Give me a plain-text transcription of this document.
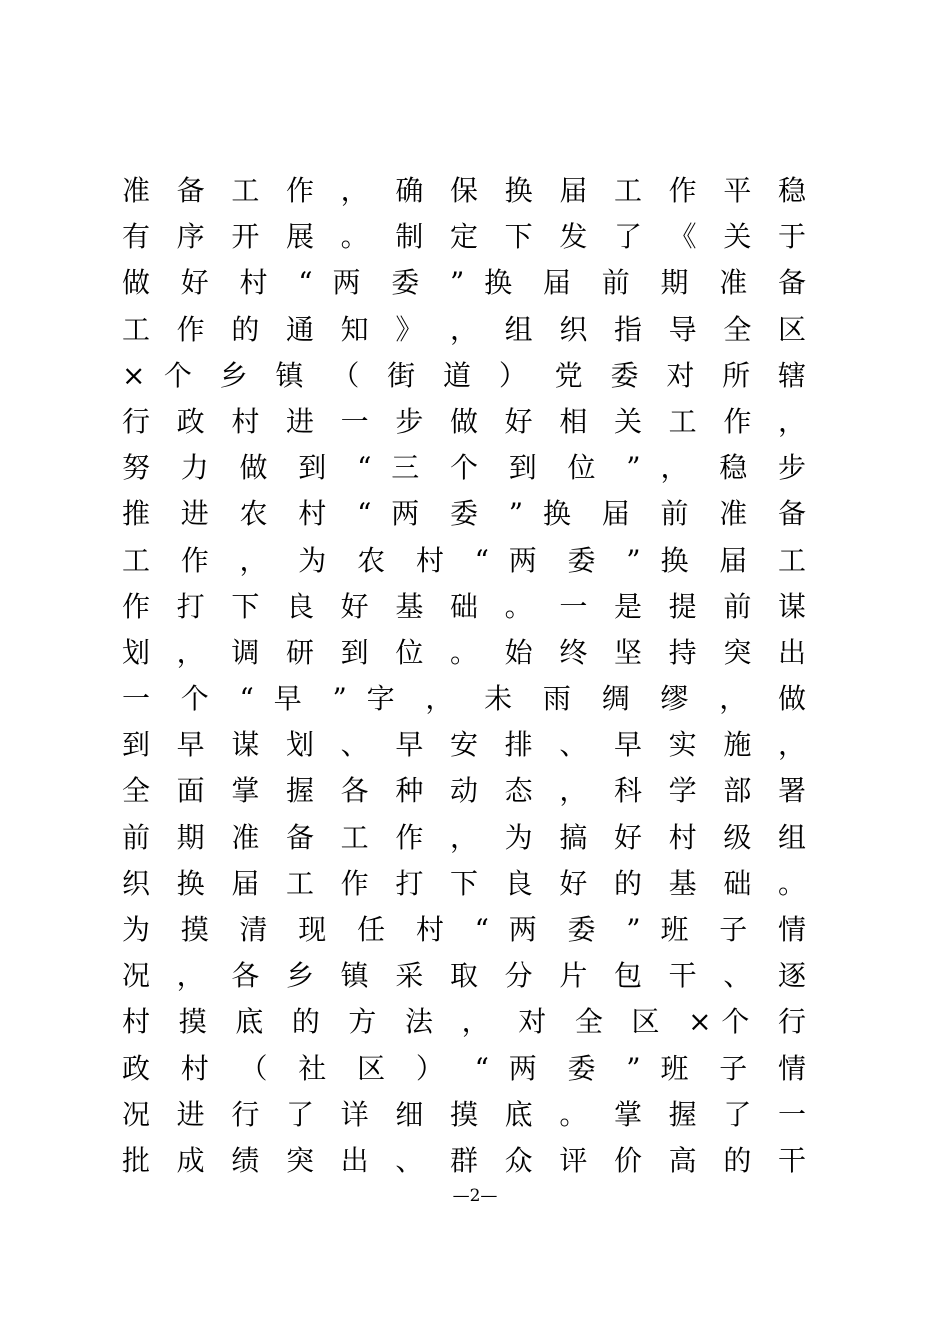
准 备 工 作 ， 确 保 换 届 工 作 平 稳
有 序 开 展 。 制 定 下 发 了 《 关 于
做 好 村 “ 两 委 ” 换 届 前 期 准 备
工 作 的 通 知 》 ， 组 织 指 导 全 区
× 个 乡 镇 （ 街 道 ） 党 委 对 所 辖
行 政 村 进 一 步 做 好 相 关 工 作 ，
努 力 做 到 “ 三 个 到 位 ” ， 稳 步
推 进 农 村 “ 两 委 ” 换 届 前 准 备
工 作 ， 为 农 村 “ 两 委 ” 换 届 工
作 打 下 良 好 基 础 。 一 是 提 前 谋
划 ， 调 研 到 位 。 始 终 坚 持 突 出
一 个 “ 早 ” 字 ， 未 雨 绸 缪 ， 做
到 早 谋 划 、 早 安 排 、 早 实 施 ，
全 面 掌 握 各 种 动 态 ， 科 学 部 署
前 期 准 备 工 作 ， 为 搞 好 村 级 组
织 换 届 工 作 打 下 良 好 的 基 础 。
为 摸 清 现 任 村 “ 两 委 ” 班 子 情
况 ， 各 乡 镇 采 取 分 片 包 干 、 逐
村 摸 底 的 方 法 ， 对 全 区 ×个 行
政 村 （ 社 区 ） “ 两 委 ” 班 子 情
况 进 行 了 详 细 摸 底 。 掌 握 了 一
批 成 绩 突 出 、 群 众 评 价 高 的 干
—2—
